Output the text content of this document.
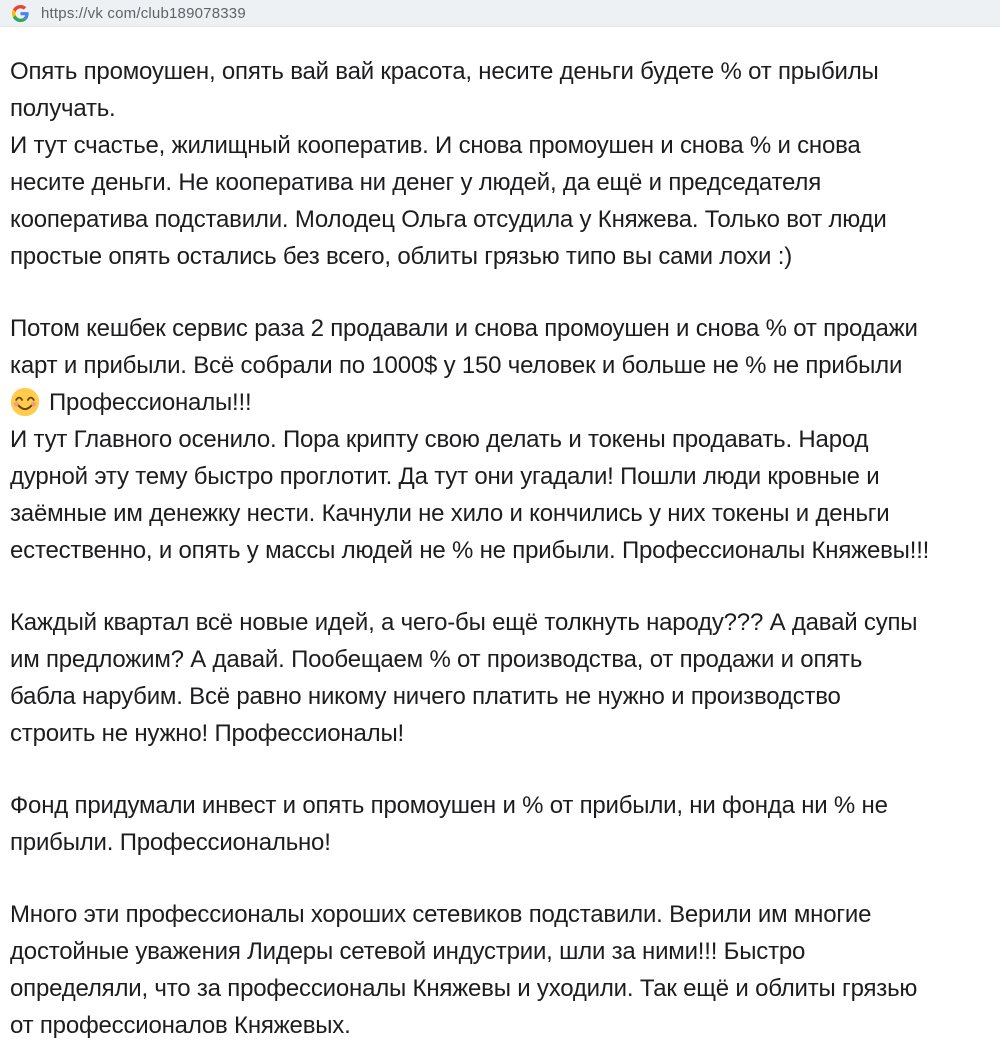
https://vk com/club189078339
Опять промоушен, опять вай вай красота, несите деньги будете % от прыбилы
получать.
И тут счастье, жилищный кооператив. И снова промоушен и снова % и снова
несите деньги. Не кооператива ни денег у людей, да ещё и председателя
кооператива подставили. Молодец Ольга отсудила у Княжева. Только вот люди
простые опять остались без всего, облиты грязью типо вы сами лохи :)
Потом кешбек сервис раза 2 продавали и снова промоушен и снова % от продажи
карт и прибыли. Всё собрали по 1000$ у 150 человек и больше не % не прибыли
Профессионалы!!!
И тут Главного осенило. Пора крипту свою делать и токены продавать. Народ
дурной эту тему быстро проглотит. Да тут они угадали! Пошли люди кровные и
заёмные им денежку нести. Качнули не хило и кончились у них токены и деньги
естественно, и опять у массы людей не % не прибыли. Профессионалы Княжевы!!!
Каждый квартал всё новые идей, а чего-бы ещё толкнуть народу??? А давай супы
им предложим? А давай. Пообещаем % от производства, от продажи и опять
бабла нарубим. Всё равно никому ничего платить не нужно и производство
строить не нужно! Профессионалы!
Фонд придумали инвест и опять промоушен и % от прибыли, ни фонда ни % не
прибыли. Профессионально!
Много эти профессионалы хороших сетевиков подставили. Верили им многие
достойные уважения Лидеры сетевой индустрии, шли за ними!!! Быстро
определяли, что за профессионалы Княжевы и уходили. Так ещё и облиты грязью
от профессионалов Княжевых.
